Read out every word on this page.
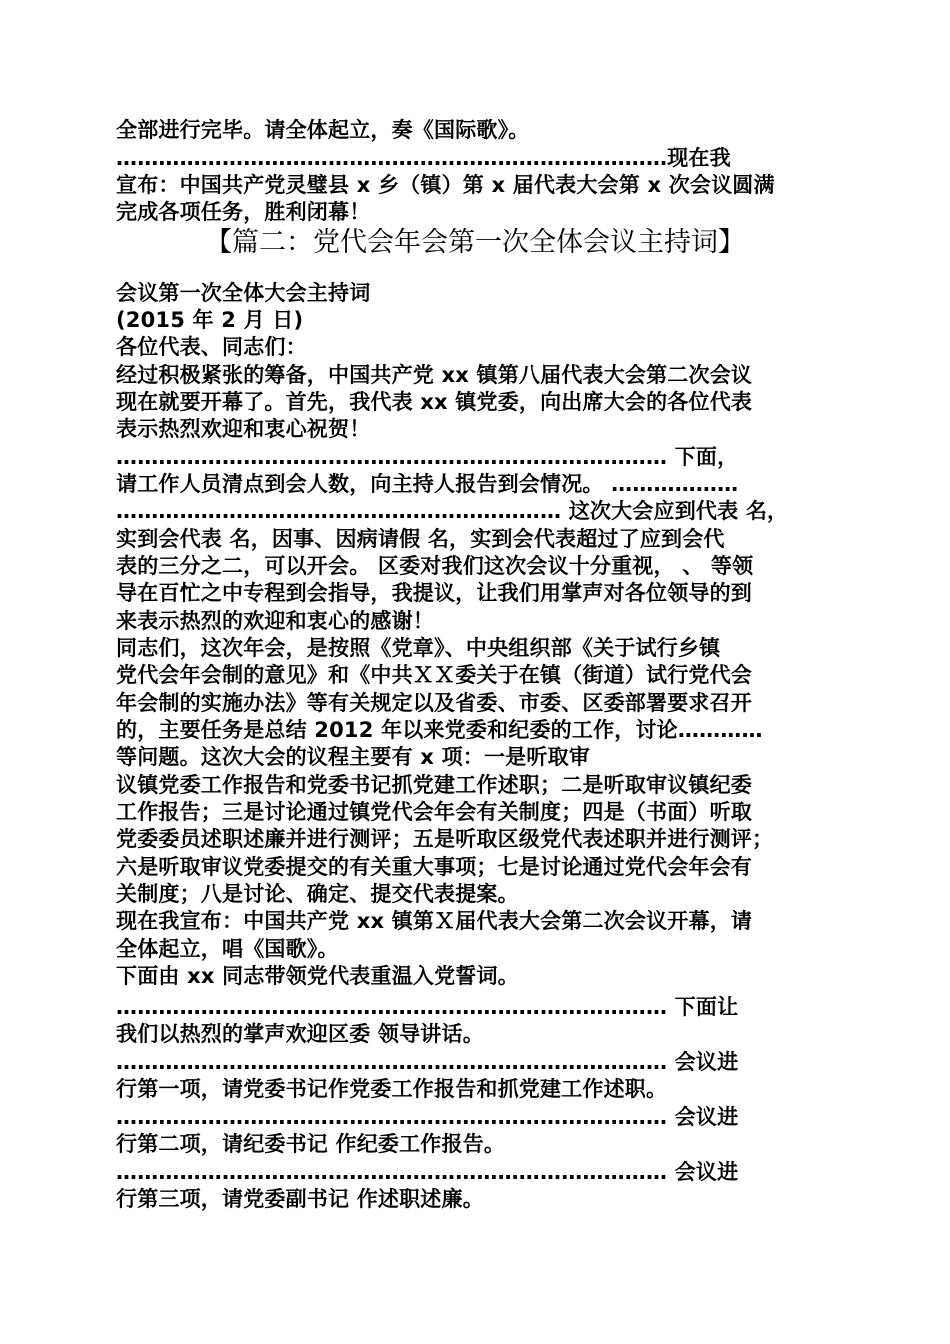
全部进行完毕。请全体起立，奏《国际歌》。
……………………………………………………………………现在我
宣布：中国共产党灵璧县 x 乡（镇）第 x 届代表大会第 x 次会议圆满
完成各项任务，胜利闭幕！
【篇二：党代会年会第一次全体会议主持词】
会议第一次全体大会主持词
(2015 年 2 月 日)
各位代表、同志们：
经过积极紧张的筹备，中国共产党 xx 镇第八届代表大会第二次会议
现在就要开幕了。首先，我代表 xx 镇党委，向出席大会的各位代表
表示热烈欢迎和衷心祝贺！
…………………………………………………………………… 下面，
请工作人员清点到会人数，向主持人报告到会情况。 ………………
……………………………………………………… 这次大会应到代表 名，
实到会代表 名，因事、因病请假 名，实到会代表超过了应到会代
表的三分之二，可以开会。 区委对我们这次会议十分重视， 、 等领
导在百忙之中专程到会指导，我提议，让我们用掌声对各位领导的到
来表示热烈的欢迎和衷心的感谢！
同志们，这次年会，是按照《党章》、中央组织部《关于试行乡镇
党代会年会制的意见》和《中共ＸＸ委关于在镇（街道）试行党代会
年会制的实施办法》等有关规定以及省委、市委、区委部署要求召开
的，主要任务是总结 2012 年以来党委和纪委的工作，讨论…………
等问题。这次大会的议程主要有 x 项：一是听取审
议镇党委工作报告和党委书记抓党建工作述职；二是听取审议镇纪委
工作报告；三是讨论通过镇党代会年会有关制度；四是（书面）听取
党委委员述职述廉并进行测评；五是听取区级党代表述职并进行测评；
六是听取审议党委提交的有关重大事项；七是讨论通过党代会年会有
关制度；八是讨论、确定、提交代表提案。
现在我宣布：中国共产党 xx 镇第Ｘ届代表大会第二次会议开幕，请
全体起立，唱《国歌》。
下面由 xx 同志带领党代表重温入党誓词。
…………………………………………………………………… 下面让
我们以热烈的掌声欢迎区委 领导讲话。
…………………………………………………………………… 会议进
行第一项，请党委书记作党委工作报告和抓党建工作述职。
…………………………………………………………………… 会议进
行第二项，请纪委书记 作纪委工作报告。
…………………………………………………………………… 会议进
行第三项，请党委副书记 作述职述廉。
